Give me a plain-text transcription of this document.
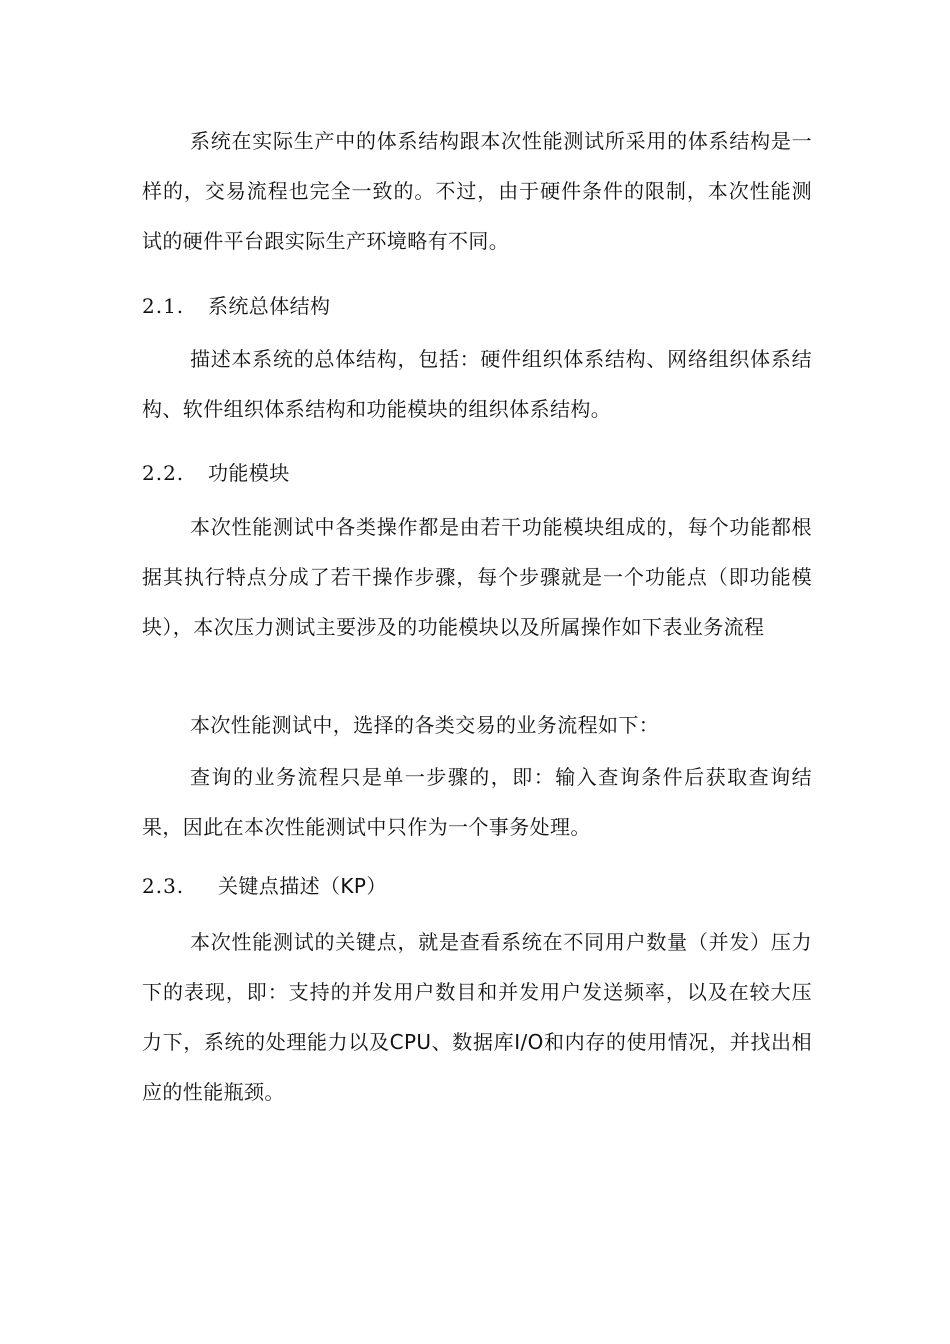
系统在实际生产中的体系结构跟本次性能测试所采用的体系结构是一样的，交易流程也完全一致的。不过，由于硬件条件的限制，本次性能测试的硬件平台跟实际生产环境略有不同。

2.1. 系统总体结构

描述本系统的总体结构，包括：硬件组织体系结构、网络组织体系结构、软件组织体系结构和功能模块的组织体系结构。

2.2. 功能模块

本次性能测试中各类操作都是由若干功能模块组成的，每个功能都根据其执行特点分成了若干操作步骤，每个步骤就是一个功能点（即功能模块），本次压力测试主要涉及的功能模块以及所属操作如下表业务流程

本次性能测试中，选择的各类交易的业务流程如下：

查询的业务流程只是单一步骤的，即：输入查询条件后获取查询结果，因此在本次性能测试中只作为一个事务处理。

2.3. 关键点描述（KP）

本次性能测试的关键点，就是查看系统在不同用户数量（并发）压力下的表现，即：支持的并发用户数目和并发用户发送频率，以及在较大压力下，系统的处理能力以及CPU、数据库I/O和内存的使用情况，并找出相应的性能瓶颈。
